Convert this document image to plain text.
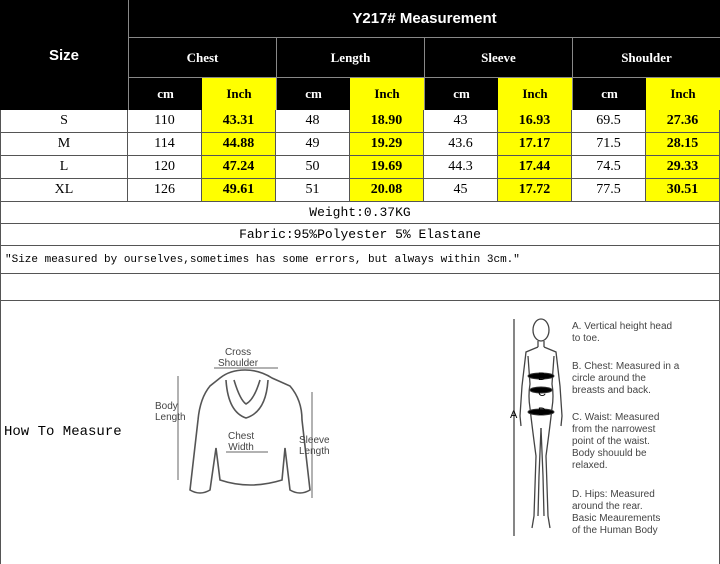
Size
Y217# Measurement
Chest	Length	Sleeve	Shoulder
cm	Inch	cm	Inch	cm	Inch	cm	Inch
S	110	43.31	48	18.90	43	16.93	69.5	27.36
M	114	44.88	49	19.29	43.6	17.17	71.5	28.15
L	120	47.24	50	19.69	44.3	17.44	74.5	29.33
XL	126	49.61	51	20.08	45	17.72	77.5	30.51
Weight:0.37KG
Fabric:95%Polyester 5% Elastane
"Size measured by ourselves,sometimes has some errors, but always within 3cm."
How To Measure
Cross
Shoulder
Body
Length
Chest
Width
Sleeve
Length
A
B
C
D
A. Vertical height head
to toe.
B. Chest: Measured in a
circle around the
breasts and back.
C. Waist: Measured
from the narrowest
point of the waist.
Body shouuld be
relaxed.
D. Hips: Measured
around the rear.
Basic Meaurements
of the Human Body
